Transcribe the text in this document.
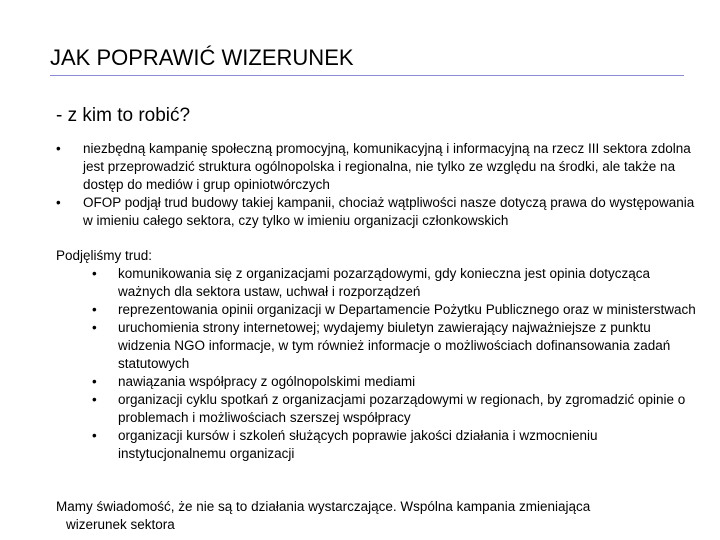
JAK POPRAWIĆ WIZERUNEK
- z kim to robić?
• niezbędną kampanię społeczną promocyjną, komunikacyjną i informacyjną na rzecz III sektora zdolna jest przeprowadzić struktura ogólnopolska i regionalna, nie tylko ze względu na środki, ale także na dostęp do mediów i grup opiniotwórczych
• OFOP podjął trud budowy takiej kampanii, chociaż wątpliwości nasze dotyczą prawa do występowania w imieniu całego sektora, czy tylko w imieniu organizacji członkowskich
Podjęliśmy trud:
• komunikowania się z organizacjami pozarządowymi, gdy konieczna jest opinia dotycząca ważnych dla sektora ustaw, uchwał i rozporządzeń
• reprezentowania opinii organizacji w Departamencie Pożytku Publicznego oraz w ministerstwach
• uruchomienia strony internetowej; wydajemy biuletyn zawierający najważniejsze z punktu widzenia NGO informacje, w tym również informacje o możliwościach dofinansowania zadań statutowych
• nawiązania współpracy z ogólnopolskimi mediami
• organizacji cyklu spotkań z organizacjami pozarządowymi w regionach, by zgromadzić opinie o problemach i możliwościach szerszej współpracy
• organizacji kursów i szkoleń służących poprawie jakości działania i wzmocnieniu instytucjonalnemu organizacji
Mamy świadomość, że nie są to działania wystarczające. Wspólna kampania zmieniająca
wizerunek sektora
